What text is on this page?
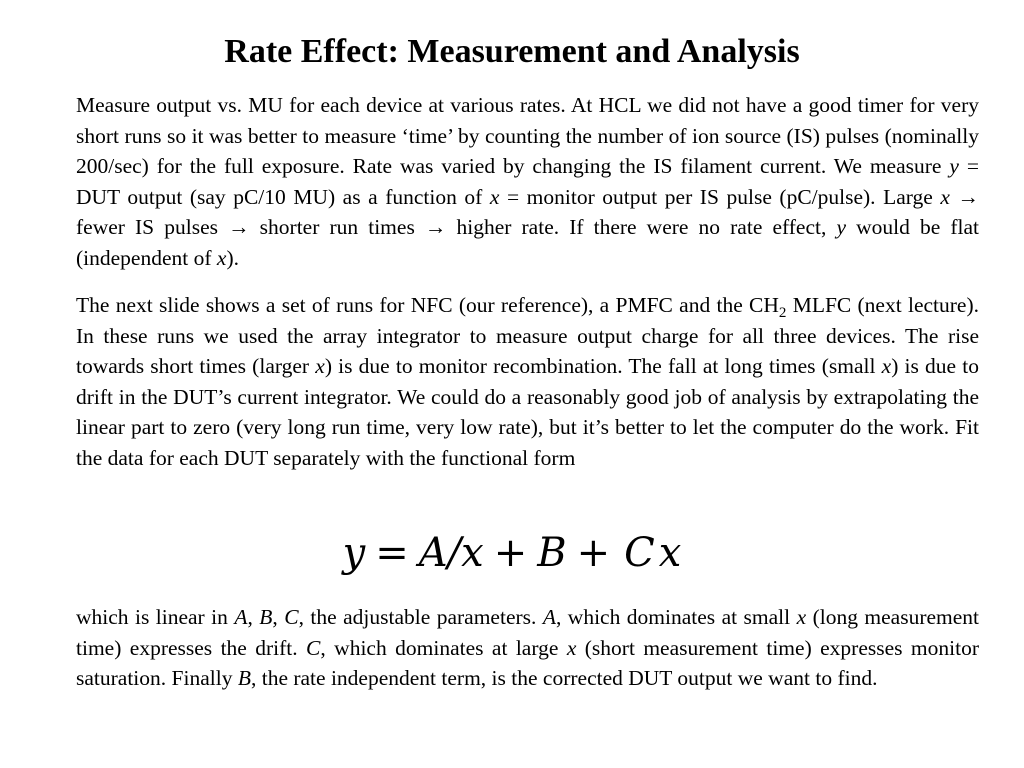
Rate Effect: Measurement and Analysis

Measure output vs. MU for each device at various rates. At HCL we did not have a good timer for very short runs so it was better to measure ‘time’ by counting the number of ion source (IS) pulses (nominally 200/sec) for the full exposure. Rate was varied by changing the IS filament current. We measure y = DUT output (say pC/10 MU) as a function of x = monitor output per IS pulse (pC/pulse). Large x → fewer IS pulses → shorter run times → higher rate. If there were no rate effect, y would be flat (independent of x).

The next slide shows a set of runs for NFC (our reference), a PMFC and the $CH_2$ MLFC (next lecture). In these runs we used the array integrator to measure output charge for all three devices. The rise towards short times (larger x) is due to monitor recombination. The fall at long times (small x) is due to drift in the DUT’s current integrator. We could do a reasonably good job of analysis by extrapolating the linear part to zero (very long run time, very low rate), but it’s better to let the computer do the work. Fit the data for each DUT separately with the functional form

y = A/x + B + C x

which is linear in A, B, C, the adjustable parameters. A, which dominates at small x (long measurement time) expresses the drift. C, which dominates at large x (short measurement time) expresses monitor saturation. Finally B, the rate independent term, is the corrected DUT output we want to find.
